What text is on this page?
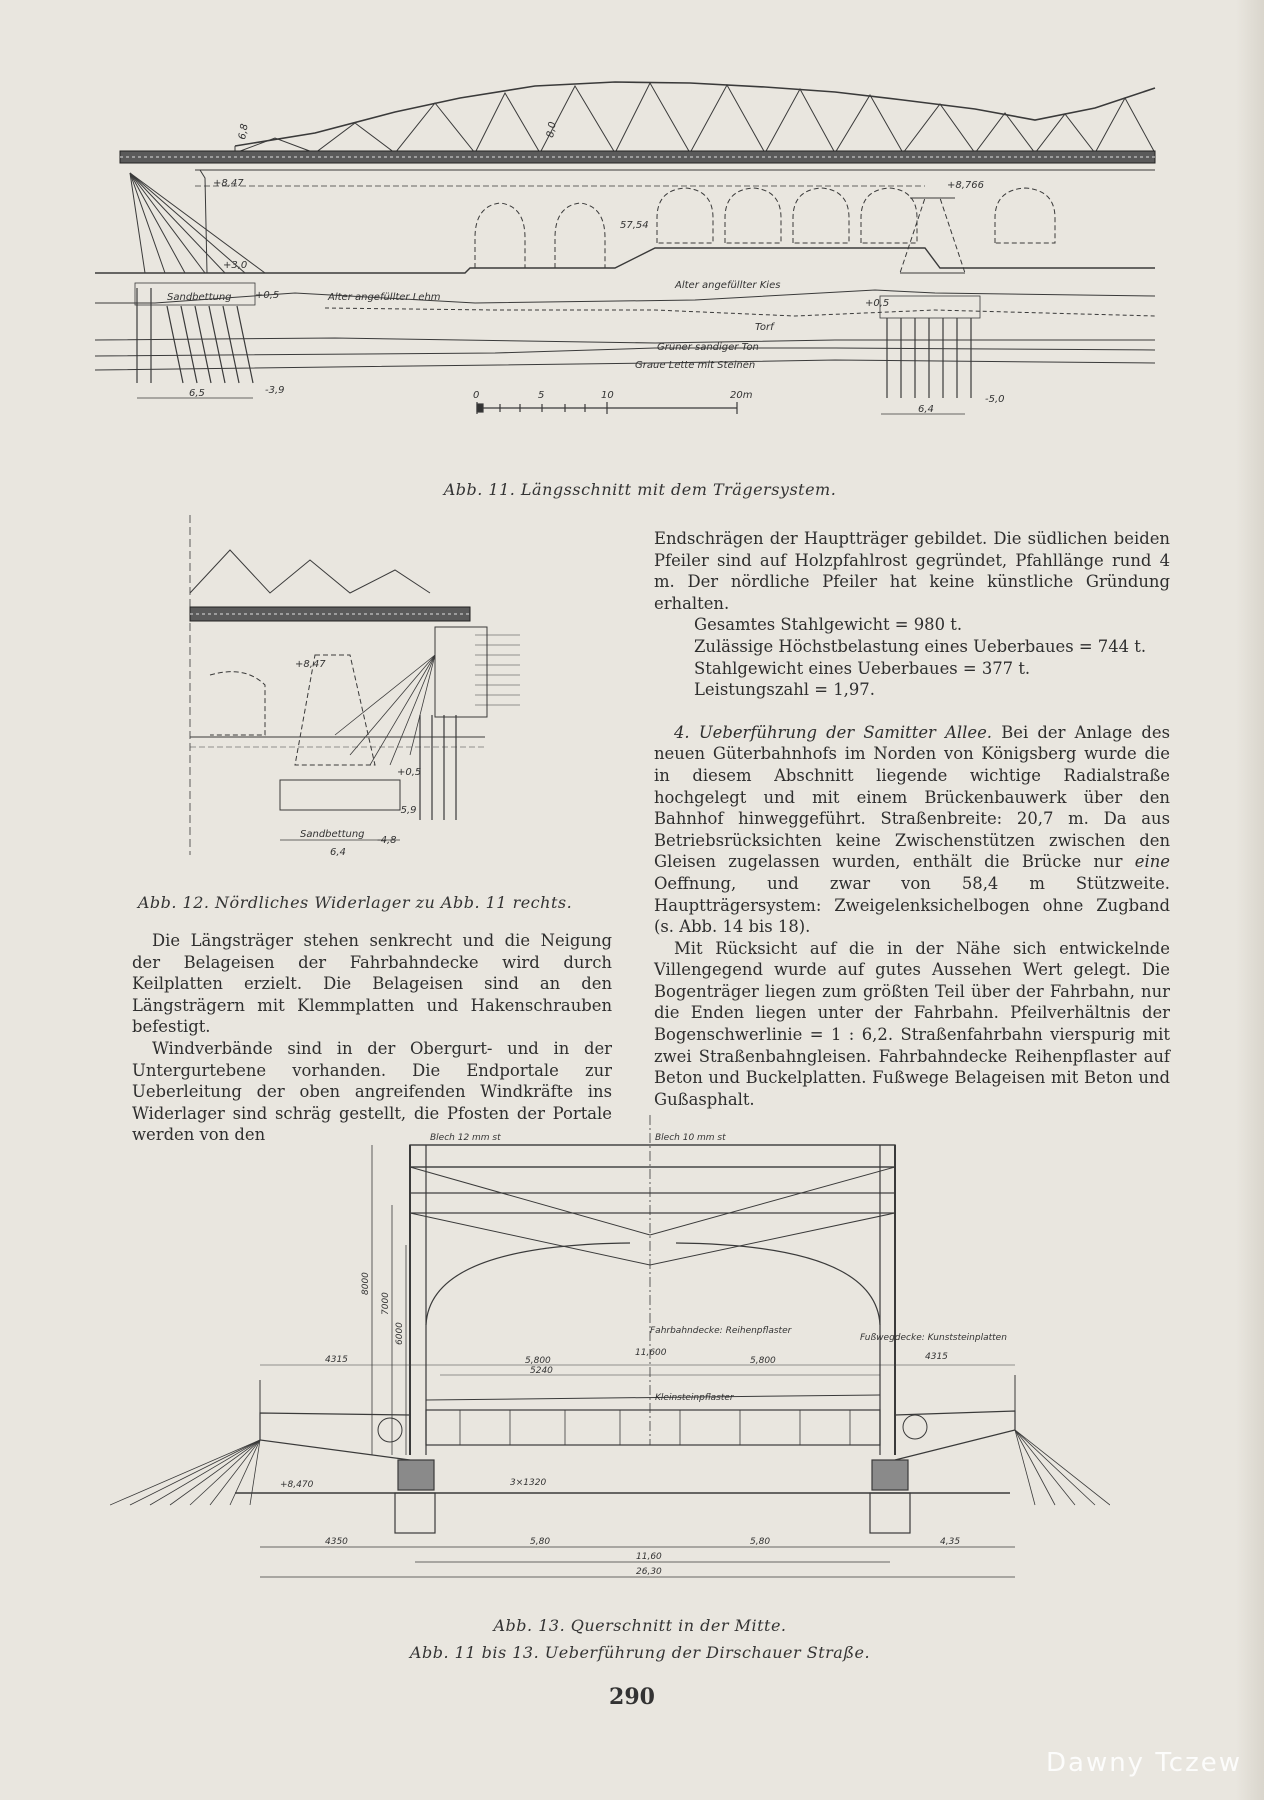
6,8	8,0
+8,47	+8,766
57,54
+3,0
+0,5
+0,5
-3,9
-5,0
6,5
6,4
Sandbettung	Alter angefüllter Lehm
Alter angefüllter Kies
Torf
Grüner sandiger Ton
Graue Lette mit Steinen
0	5	10	20m
Abb. 11. Längsschnitt mit dem Trägersystem.
+8,47
+0,5
-5,9
-4,8
Sandbettung
6,4
Abb. 12. Nördliches Widerlager zu Abb. 11 rechts.

Die Längsträger stehen senkrecht und die Neigung der Belageisen der Fahrbahndecke wird durch Keilplatten erzielt. Die Belageisen sind an den Längsträgern mit Klemmplatten und Hakenschrauben befestigt.

Windverbände sind in der Obergurt- und in der Untergurtebene vorhanden. Die Endportale zur Ueberleitung der oben angreifenden Windkräfte ins Widerlager sind schräg gestellt, die Pfosten der Portale werden von den

Endschrägen der Hauptträger gebildet. Die südlichen beiden Pfeiler sind auf Holzpfahlrost gegründet, Pfahllänge rund 4 m. Der nördliche Pfeiler hat keine künstliche Gründung erhalten.

Gesamtes Stahlgewicht = 980 t.

Zulässige Höchstbelastung eines Ueberbaues = 744 t.

Stahlgewicht eines Ueberbaues = 377 t.

Leistungszahl = 1,97.

4. Ueberführung der Samitter Allee. Bei der Anlage des neuen Güterbahnhofs im Norden von Königsberg wurde die in diesem Abschnitt liegende wichtige Radialstraße hochgelegt und mit einem Brückenbauwerk über den Bahnhof hinweggeführt. Straßenbreite: 20,7 m. Da aus Betriebsrücksichten keine Zwischenstützen zwischen den Gleisen zugelassen wurden, enthält die Brücke nur eine Oeffnung, und zwar von 58,4 m Stützweite. Hauptträgersystem: Zweigelenksichelbogen ohne Zugband (s. Abb. 14 bis 18).

Mit Rücksicht auf die in der Nähe sich entwickelnde Villengegend wurde auf gutes Aussehen Wert gelegt. Die Bogenträger liegen zum größten Teil über der Fahrbahn, nur die Enden liegen unter der Fahrbahn. Pfeilverhältnis der Bogenschwerlinie = 1 : 6,2. Straßenfahrbahn vierspurig mit zwei Straßenbahngleisen. Fahrbahndecke Reihenpflaster auf Beton und Buckelplatten. Fußwege Belageisen mit Beton und Gußasphalt.

8000
7000
6000
+8,470
4315	4315
5,800	5,800
11,600
5240
Fahrbahndecke: Reihenpflaster
Fußwegdecke: Kunststeinplatten
Kleinsteinpflaster
Blech 10 mm st
Blech 12 mm st
3×1320
4350	5,80	5,80	4,35
11,60
26,30
Abb. 13. Querschnitt in der Mitte.
Abb. 11 bis 13. Ueberführung der Dirschauer Straße.
290
Dawny Tczew
